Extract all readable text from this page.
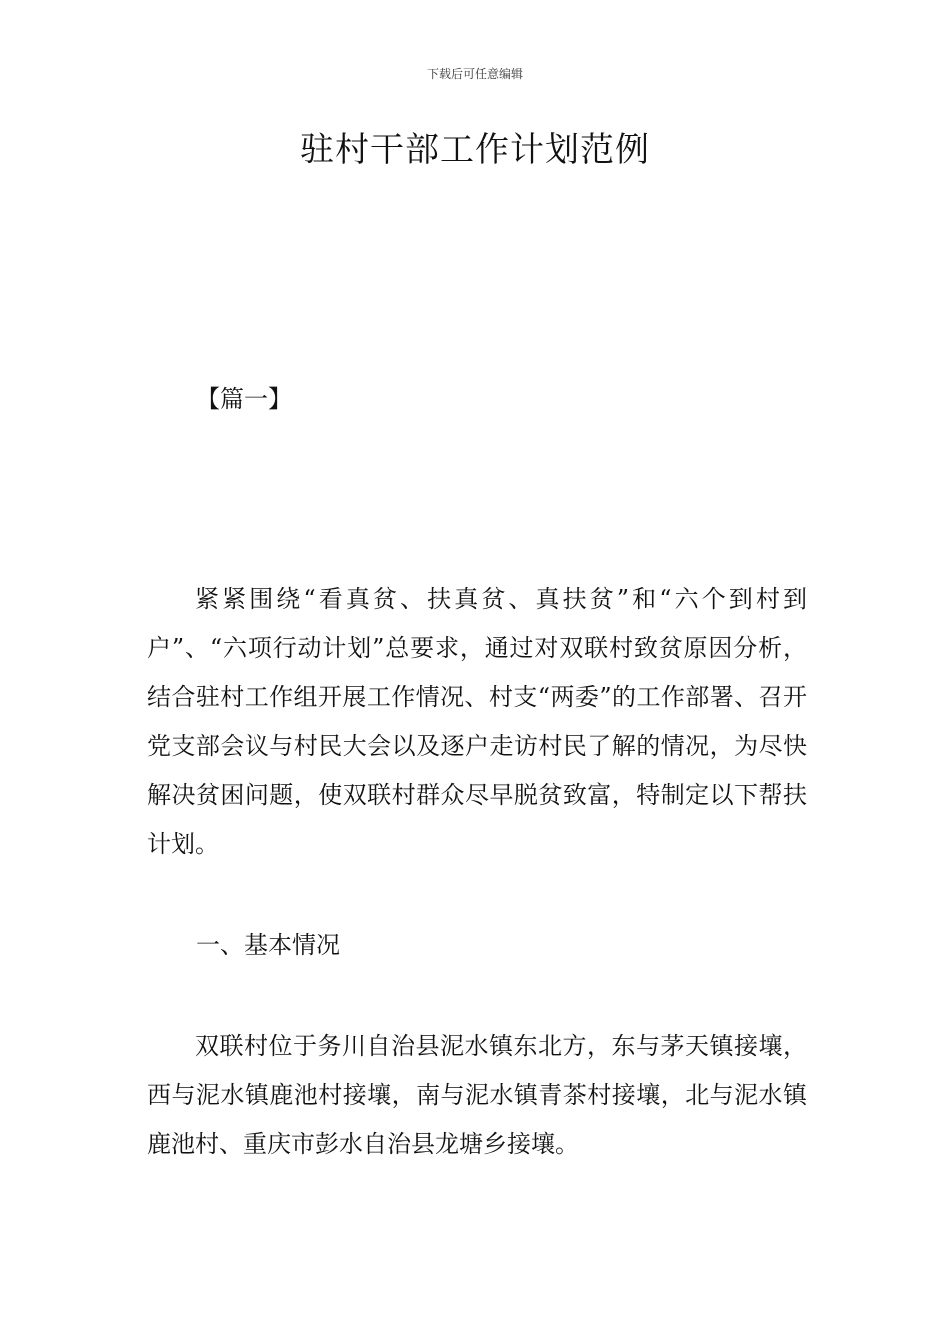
下载后可任意编辑
驻村干部工作计划范例
【篇一】

紧紧围绕“看真贫、扶真贫、真扶贫”和“六个到村到户”、“六项行动计划”总要求，通过对双联村致贫原因分析，结合驻村工作组开展工作情况、村支“两委”的工作部署、召开党支部会议与村民大会以及逐户走访村民了解的情况，为尽快解决贫困问题，使双联村群众尽早脱贫致富，特制定以下帮扶计划。

一、基本情况

双联村位于务川自治县泥水镇东北方，东与茅天镇接壤，西与泥水镇鹿池村接壤，南与泥水镇青茶村接壤，北与泥水镇鹿池村、重庆市彭水自治县龙塘乡接壤。
